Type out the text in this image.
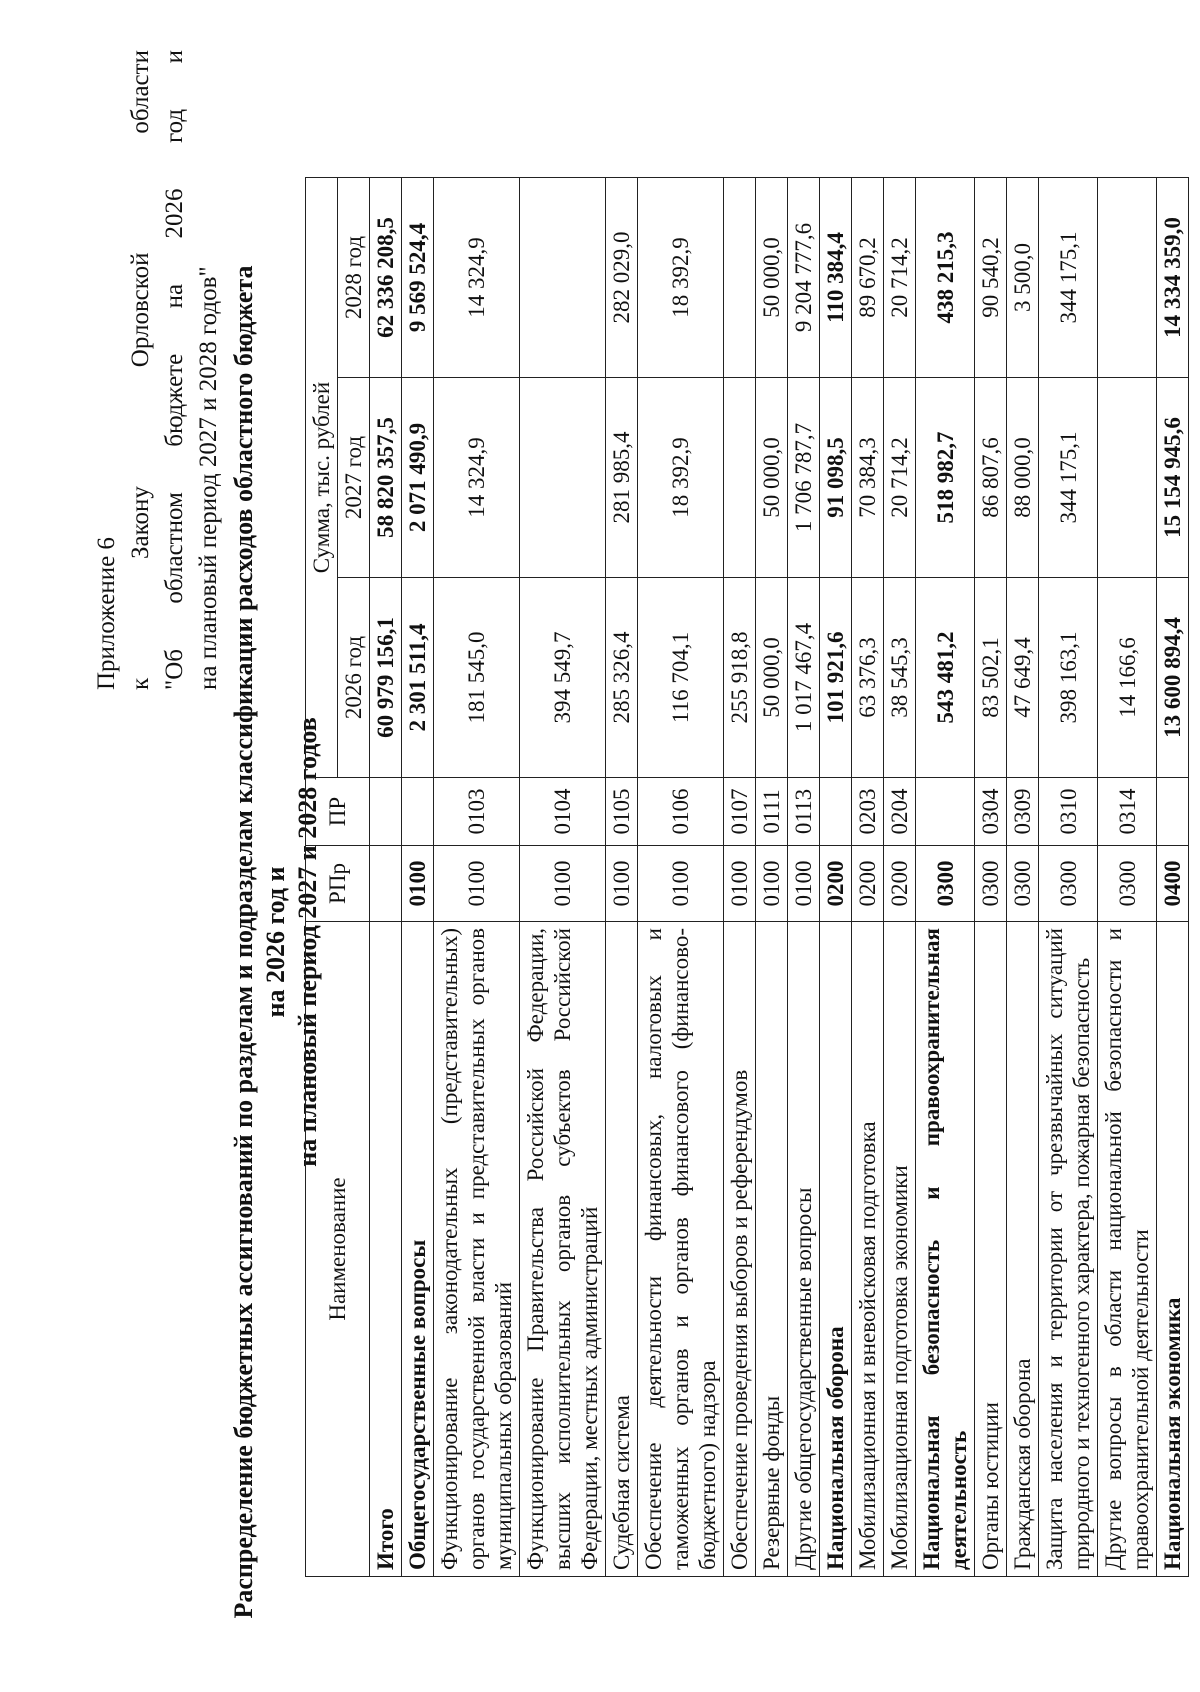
Приложение 6 к
Закону
Орловской
области
"Об
областном
бюджете
на
2026
год
и
на плановый период 2027 и 2028 годов" Распределение бюджетных ассигнований по разделам и подразделам классификации расходов областного бюджета на 2026 год и на плановый период 2027 и 2028 годов
Наименование	РПр	ПР	Сумма, тыс. рублей		
			2026 год	2027 год	2028 год
Итого			60 979 156,1	58 820 357,5	62 336 208,5
Общегосударственные вопросы	0100		2 301 511,4	2 071 490,9	9 569 524,4
Функционирование законодательных (представительных) органов государственной власти и представительных органов муниципальных образований	0100	0103	181 545,0	14 324,9	14 324,9
Функционирование Правительства Российской Федерации, высших исполнительных органов субъектов Российской Федерации, местных администраций	0100	0104	394 549,7		
Судебная система	0100	0105	285 326,4	281 985,4	282 029,0
Обеспечение деятельности финансовых, налоговых и таможенных органов и органов финансового (финансово-бюджетного) надзора	0100	0106	116 704,1	18 392,9	18 392,9
Обеспечение проведения выборов и референдумов	0100	0107	255 918,8		
Резервные фонды	0100	0111	50 000,0	50 000,0	50 000,0
Другие общегосударственные вопросы	0100	0113	1 017 467,4	1 706 787,7	9 204 777,6
Национальная оборона	0200		101 921,6	91 098,5	110 384,4
Мобилизационная и вневойсковая подготовка	0200	0203	63 376,3	70 384,3	89 670,2
Мобилизационная подготовка экономики	0200	0204	38 545,3	20 714,2	20 714,2
Национальная безопасность и правоохранительная деятельность	0300		543 481,2	518 982,7	438 215,3
Органы юстиции	0300	0304	83 502,1	86 807,6	90 540,2
Гражданская оборона	0300	0309	47 649,4	88 000,0	3 500,0
Защита населения и территории от чрезвычайных ситуаций природного и техногенного характера, пожарная безопасность	0300	0310	398 163,1	344 175,1	344 175,1
Другие вопросы в области национальной безопасности и правоохранительной деятельности	0300	0314	14 166,6		
Национальная экономика	0400		13 600 894,4	15 154 945,6	14 334 359,0
